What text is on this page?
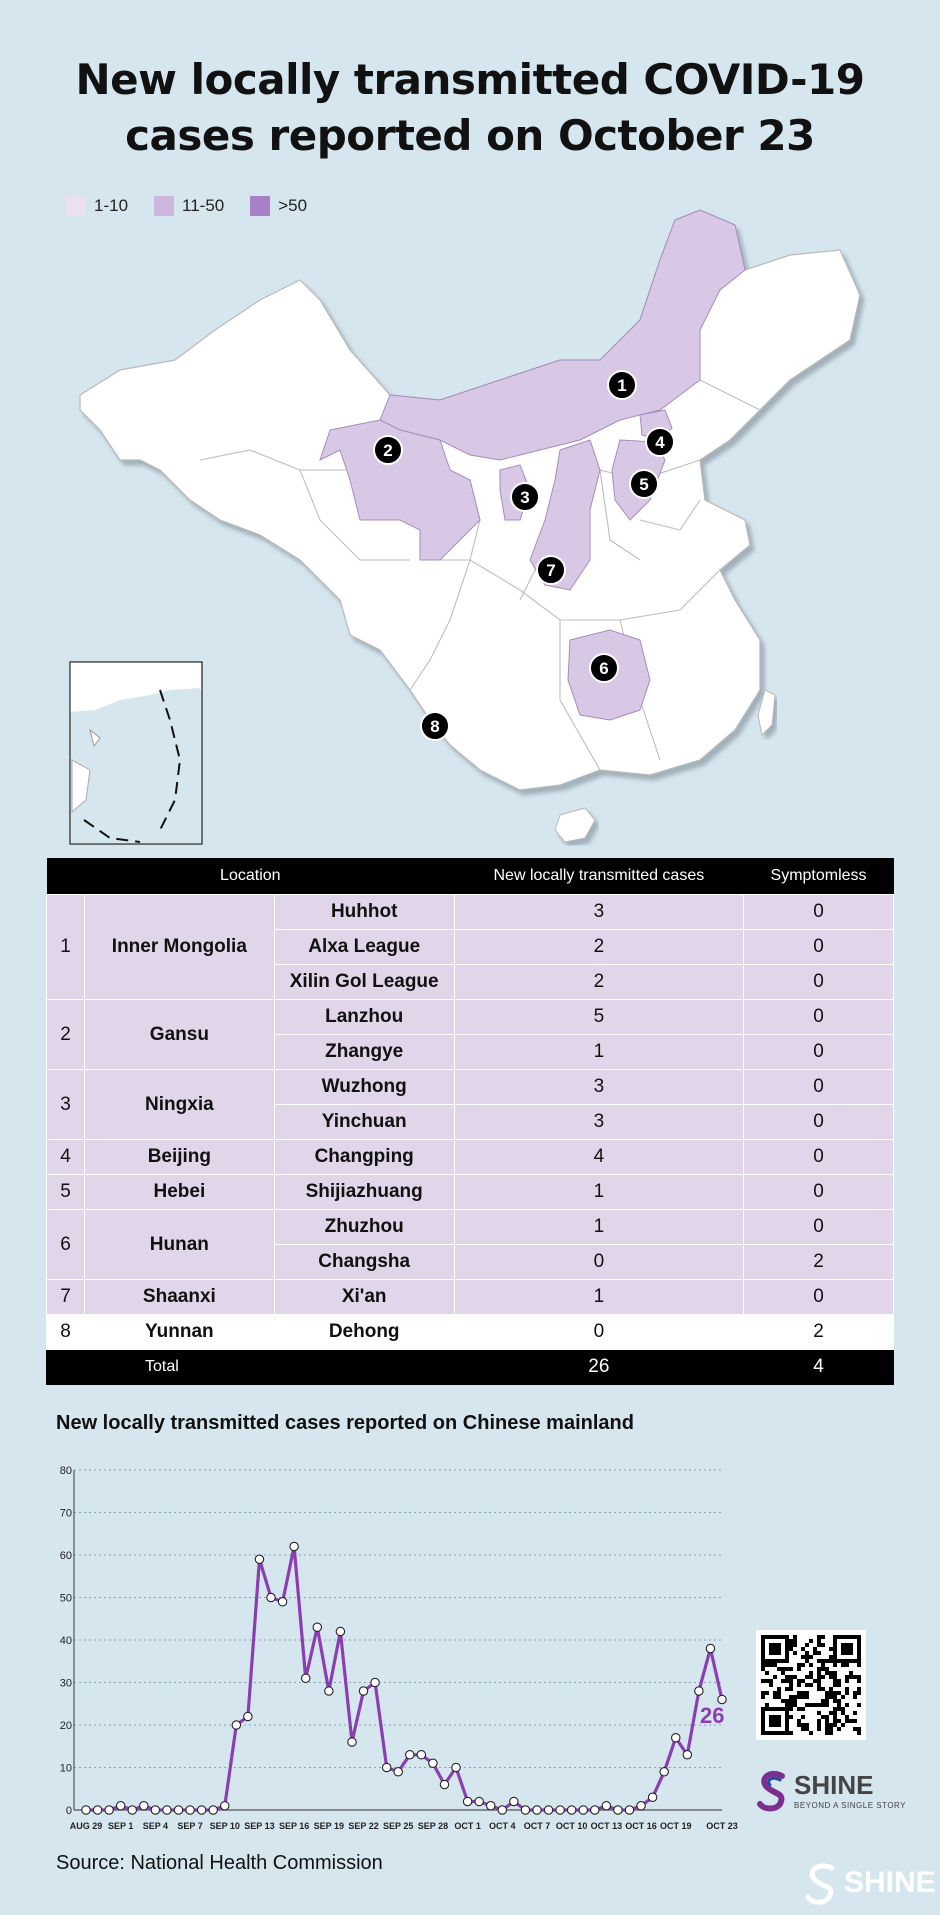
New locally transmitted COVID-19
cases reported on October 23
1
2
3
4
5
6
7
8
1-10	11-50	>50
Location			New locally transmitted cases	Symptomless
1	Inner Mongolia	Huhhot	3	0
		Alxa League	2	0
		Xilin Gol League	2	0
2	Gansu	Lanzhou	5	0
		Zhangye	1	0
3	Ningxia	Wuzhong	3	0
		Yinchuan	3	0
4	Beijing	Changping	4	0
5	Hebei	Shijiazhuang	1	0
6	Hunan	Zhuzhou	1	0
		Changsha	0	2
7	Shaanxi	Xi'an	1	0
8	Yunnan	Dehong	0	2
Total			26	4
New locally transmitted cases reported on Chinese mainland
0
10
20
30
40
50
60
70
80
AUG 29 SEP 1 SEP 4 SEP 7 SEP 10 SEP 13 SEP 16 SEP 19 SEP 22 SEP 25 SEP 28 OCT 1 OCT 4 OCT 7 OCT 10 OCT 13 OCT 16 OCT 19 OCT 23
26
SHINE
BEYOND A SINGLE STORY
Source: National Health Commission
SHINE
